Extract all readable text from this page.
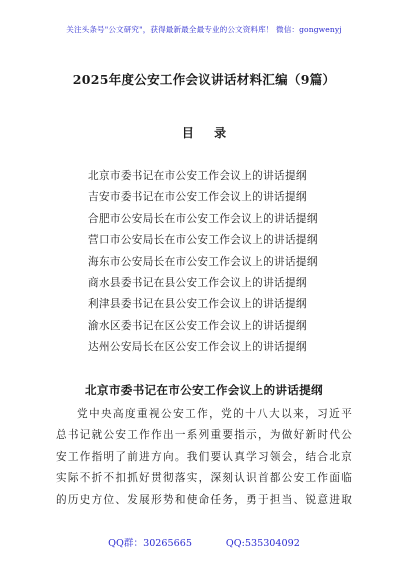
关注头条号"公文研究"，获得最新最全最专业的公文资料库！ 微信：gongwenyj
2025年度公安工作会议讲话材料汇编（9篇）
目 录
北京市委书记在市公安工作会议上的讲话提纲
吉安市委书记在市公安工作会议上的讲话提纲
合肥市公安局长在市公安工作会议上的讲话提纲
营口市公安局长在市公安工作会议上的讲话提纲
海东市公安局长在市公安工作会议上的讲话提纲
商水县委书记在县公安工作会议上的讲话提纲
利津县委书记在县公安工作会议上的讲话提纲
渝水区委书记在区公安工作会议上的讲话提纲
达州公安局长在区公安工作会议上的讲话提纲
北京市委书记在市公安工作会议上的讲话提纲
党中央高度重视公安工作，党的十八大以来，习近平
总书记就公安工作作出一系列重要指示，为做好新时代公
安工作指明了前进方向。我们要认真学习领会，结合北京
实际不折不扣抓好贯彻落实，深刻认识首都公安工作面临
的历史方位、发展形势和使命任务，勇于担当、锐意进取
QQ群：30265665	QQ:535304092
